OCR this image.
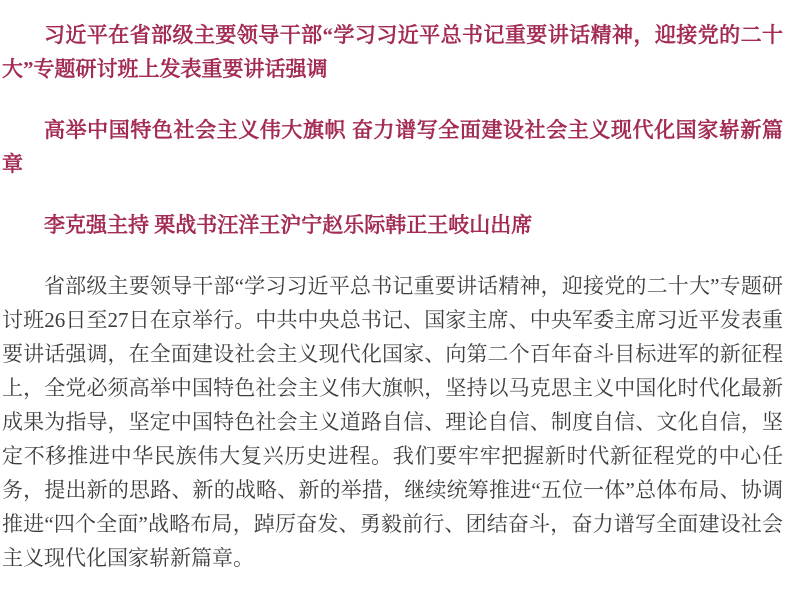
习近平在省部级主要领导干部“学习习近平总书记重要讲话精神，迎接党的二十大”专题研讨班上发表重要讲话强调

高举中国特色社会主义伟大旗帜 奋力谱写全面建设社会主义现代化国家崭新篇章

李克强主持 栗战书汪洋王沪宁赵乐际韩正王岐山出席

省部级主要领导干部“学习习近平总书记重要讲话精神，迎接党的二十大”专题研讨班26日至27日在京举行。中共中央总书记、国家主席、中央军委主席习近平发表重要讲话强调，在全面建设社会主义现代化国家、向第二个百年奋斗目标进军的新征程上，全党必须高举中国特色社会主义伟大旗帜，坚持以马克思主义中国化时代化最新成果为指导，坚定中国特色社会主义道路自信、理论自信、制度自信、文化自信，坚定不移推进中华民族伟大复兴历史进程。我们要牢牢把握新时代新征程党的中心任务，提出新的思路、新的战略、新的举措，继续统筹推进“五位一体”总体布局、协调推进“四个全面”战略布局，踔厉奋发、勇毅前行、团结奋斗，奋力谱写全面建设社会主义现代化国家崭新篇章。
